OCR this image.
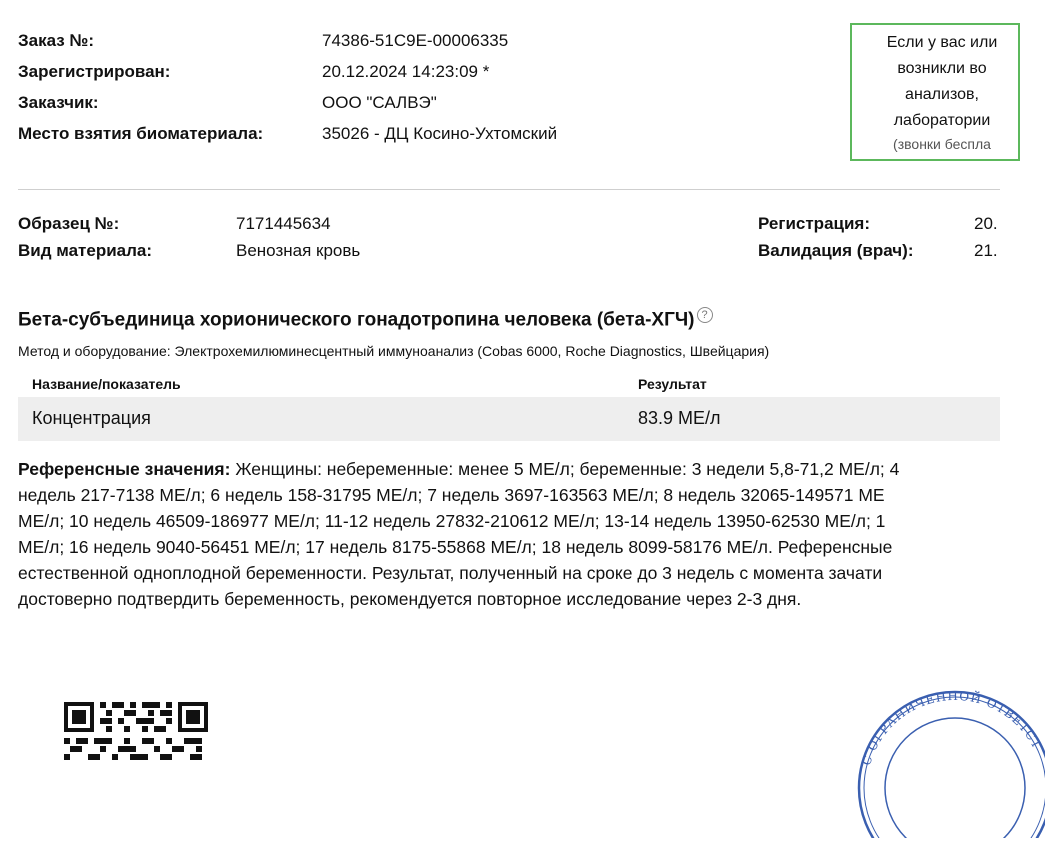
Заказ №:	74386-51С9Е-00006335
Зарегистрирован:	20.12.2024 14:23:09 *
Заказчик:	ООО "САЛВЭ"
Место взятия биоматериала:	35026 - ДЦ Косино-Ухтомский
Если у вас или
возникли во
анализов,
лаборатории
(звонки беспла
Образец №:	7171445634
Вид материала:	Венозная кровь
Регистрация:	20.
Валидация (врач):	21.
Бета-субъединица хорионического гонадотропина человека (бета-ХГЧ) ?
Метод и оборудование: Электрохемилюминесцентный иммуноанализ (Cobas 6000, Roche Diagnostics, Швейцария)
Название/показатель	Результат
Концентрация	83.9 МЕ/л
Референсные значения: Женщины: небеременные: менее 5 МЕ/л; беременные: 3 недели 5,8-71,2 МЕ/л; 4
недель 217-7138 МЕ/л; 6 недель 158-31795 МЕ/л; 7 недель 3697-163563 МЕ/л; 8 недель 32065-149571 МЕ
МЕ/л; 10 недель 46509-186977 МЕ/л; 11-12 недель 27832-210612 МЕ/л; 13-14 недель 13950-62530 МЕ/л; 1
МЕ/л; 16 недель 9040-56451 МЕ/л; 17 недель 8175-55868 МЕ/л; 18 недель 8099-58176 МЕ/л. Референсные
естественной одноплодной беременности. Результат, полученный на сроке до 3 недель с момента зачати
достоверно подтвердить беременность, рекомендуется повторное исследование через 2-3 дня.
С ОГРАНИЧЕННОЙ ОТВЕТСТ
